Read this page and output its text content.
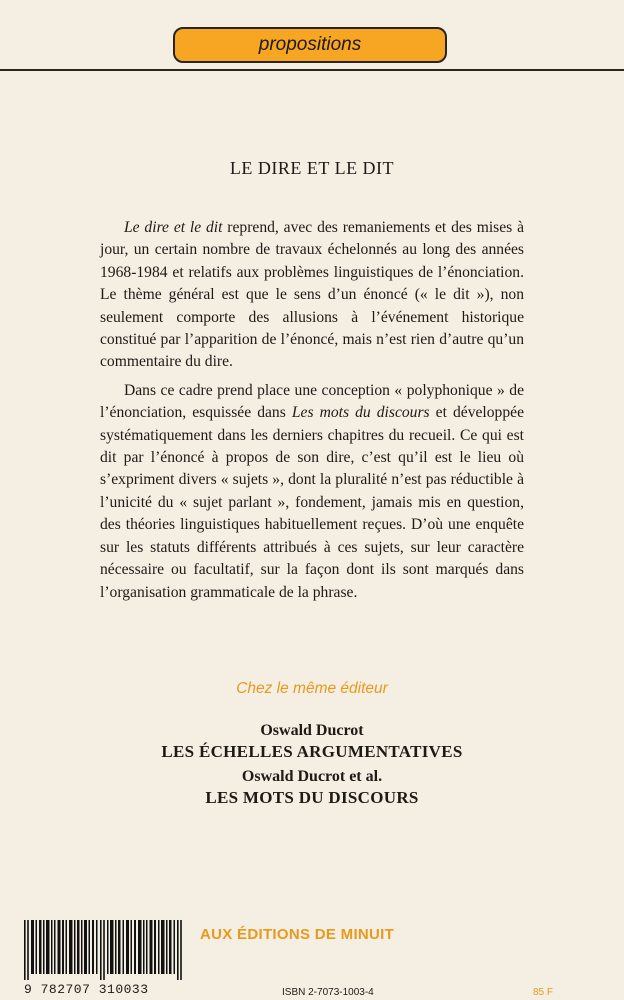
propositions
LE DIRE ET LE DIT

Le dire et le dit reprend, avec des remaniements et des mises à jour, un certain nombre de travaux échelonnés au long des années 1968-1984 et relatifs aux problèmes linguistiques de l’énonciation. Le thème général est que le sens d’un énoncé (« le dit »), non seulement comporte des allusions à l’événement historique constitué par l’apparition de l’énoncé, mais n’est rien d’autre qu’un commentaire du dire.

Dans ce cadre prend place une conception « polyphonique » de l’énonciation, esquissée dans Les mots du discours et développée systématiquement dans les derniers chapitres du recueil. Ce qui est dit par l’énoncé à propos de son dire, c’est qu’il est le lieu où s’expriment divers « sujets », dont la pluralité n’est pas réductible à l’unicité du « sujet parlant », fondement, jamais mis en question, des théories linguistiques habituellement reçues. D’où une enquête sur les statuts différents attribués à ces sujets, sur leur caractère nécessaire ou facultatif, sur la façon dont ils sont marqués dans l’organisation grammaticale de la phrase.

Chez le même éditeur
Oswald Ducrot
LES ÉCHELLES ARGUMENTATIVES
Oswald Ducrot et al.
LES MOTS DU DISCOURS
9 782707 310033
AUX ÉDITIONS DE MINUIT
ISBN 2-7073-1003-4	85 F
